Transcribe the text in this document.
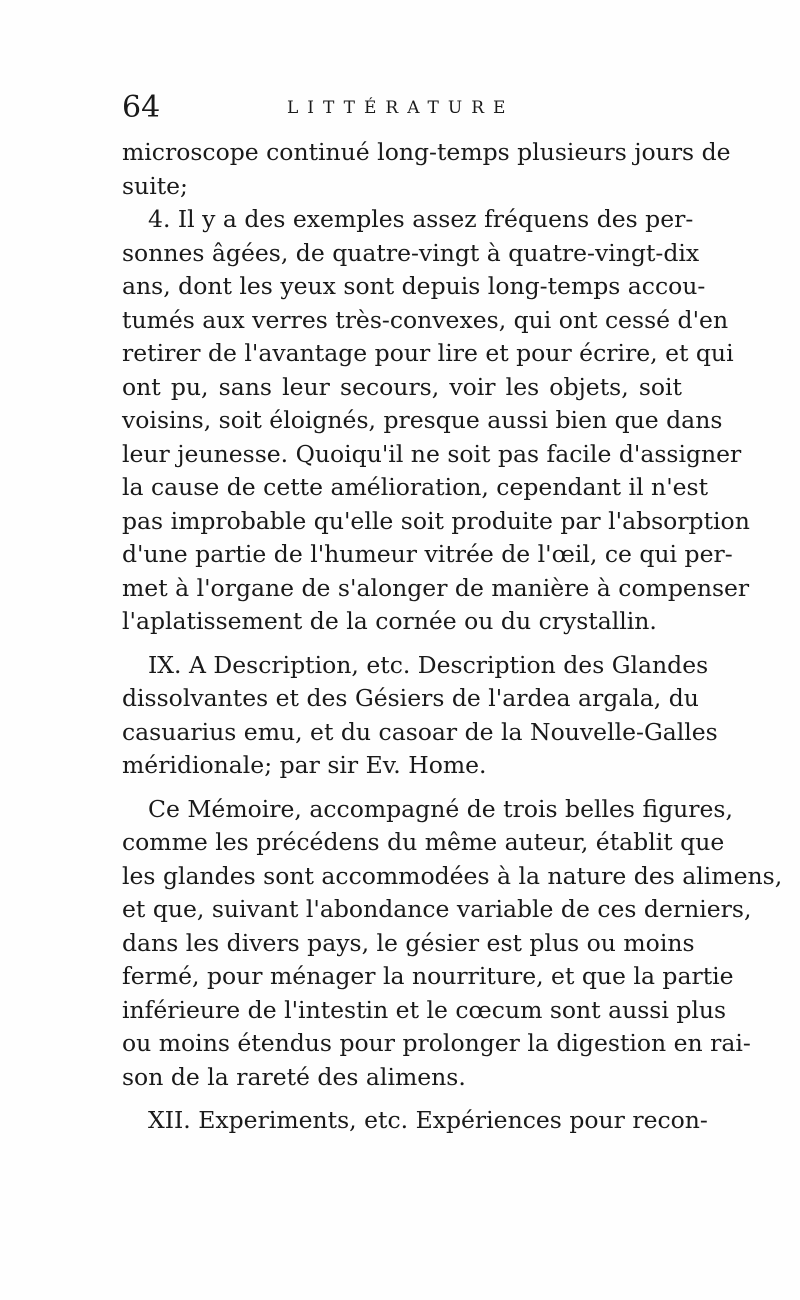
64	LITTÉRATURE
microscope continué long-temps plusieurs jours de
suite;
4. Il y a des exemples assez fréquens des per-
sonnes âgées, de quatre-vingt à quatre-vingt-dix
ans, dont les yeux sont depuis long-temps accou-
tumés aux verres très-convexes, qui ont cessé d'en
retirer de l'avantage pour lire et pour écrire, et qui
ont pu, sans leur secours, voir les objets, soit
voisins, soit éloignés, presque aussi bien que dans
leur jeunesse. Quoiqu'il ne soit pas facile d'assigner
la cause de cette amélioration, cependant il n'est
pas improbable qu'elle soit produite par l'absorption
d'une partie de l'humeur vitrée de l'œil, ce qui per-
met à l'organe de s'alonger de manière à compenser
l'aplatissement de la cornée ou du crystallin.
IX. A Description, etc. Description des Glandes
dissolvantes et des Gésiers de l'ardea argala, du
casuarius emu, et du casoar de la Nouvelle-Galles
méridionale; par sir Ev. Home.
Ce Mémoire, accompagné de trois belles figures,
comme les précédens du même auteur, établit que
les glandes sont accommodées à la nature des alimens,
et que, suivant l'abondance variable de ces derniers,
dans les divers pays, le gésier est plus ou moins
fermé, pour ménager la nourriture, et que la partie
inférieure de l'intestin et le cœcum sont aussi plus
ou moins étendus pour prolonger la digestion en rai-
son de la rareté des alimens.
XII. Experiments, etc. Expériences pour recon-
